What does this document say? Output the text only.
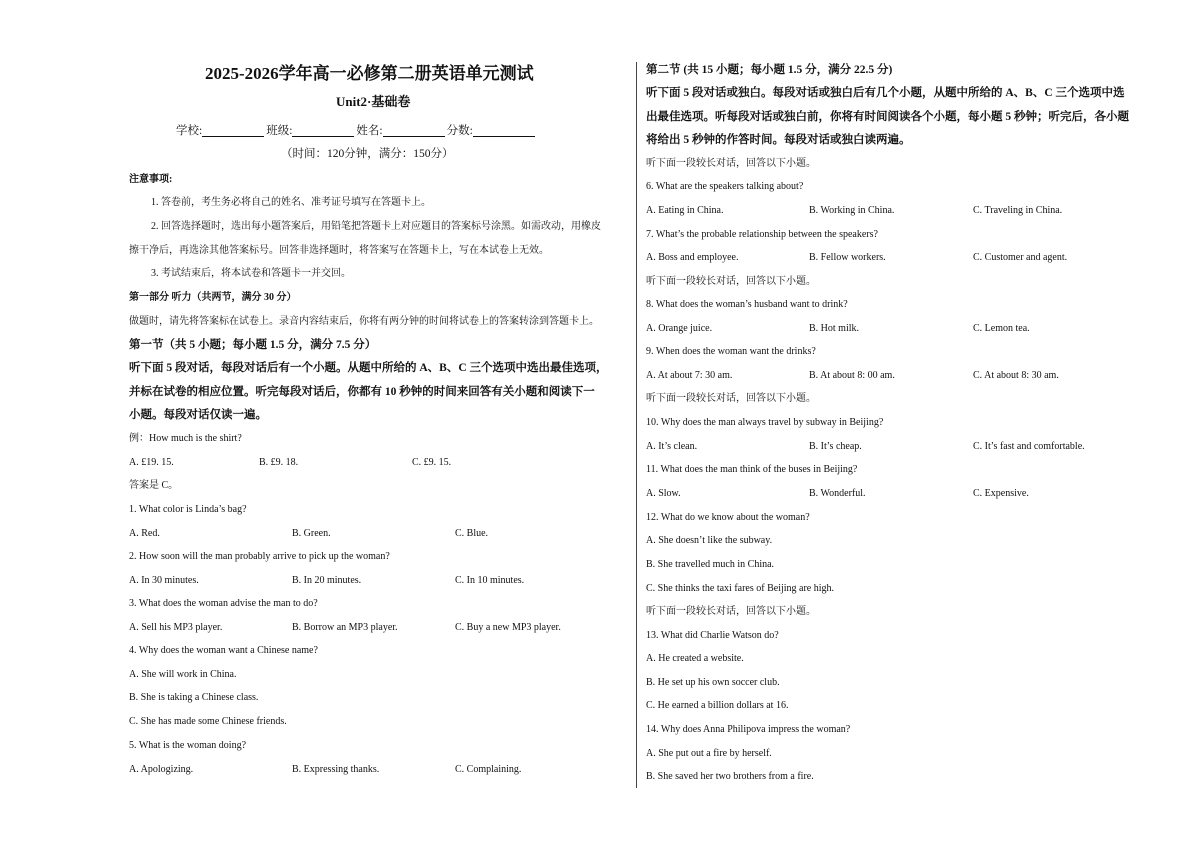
2025-2026学年高一必修第二册英语单元测试
Unit2·基础卷
学校:	班级:	姓名:	分数:
（时间：120分钟，满分：150分）
注意事项:
1. 答卷前，考生务必将自己的姓名、准考证号填写在答题卡上。
2. 回答选择题时，选出每小题答案后，用铅笔把答题卡上对应题目的答案标号涂黑。如需改动，用橡皮
擦干净后，再选涂其他答案标号。回答非选择题时，将答案写在答题卡上，写在本试卷上无效。
3. 考试结束后，将本试卷和答题卡一并交回。
第一部分 听力（共两节，满分 30 分）
做题时，请先将答案标在试卷上。录音内容结束后，你将有两分钟的时间将试卷上的答案转涂到答题卡上。
第一节（共 5 小题；每小题 1.5 分，满分 7.5 分）
听下面 5 段对话，每段对话后有一个小题。从题中所给的 A、B、C 三个选项中选出最佳选项，
并标在试卷的相应位置。听完每段对话后，你都有 10 秒钟的时间来回答有关小题和阅读下一
小题。每段对话仅读一遍。
例：How much is the shirt?
A. £19. 15.	B. £9. 18.	C. £9. 15.
答案是 C。
1. What color is Linda’s bag?
A. Red.	B. Green.	C. Blue.
2. How soon will the man probably arrive to pick up the woman?
A. In 30 minutes.	B. In 20 minutes.	C. In 10 minutes.
3. What does the woman advise the man to do?
A. Sell his MP3 player.	B. Borrow an MP3 player.	C. Buy a new MP3 player.
4. Why does the woman want a Chinese name?
A. She will work in China.
B. She is taking a Chinese class.
C. She has made some Chinese friends.
5. What is the woman doing?
A. Apologizing.	B. Expressing thanks.	C. Complaining.
第二节 (共 15 小题；每小题 1.5 分，满分 22.5 分)
听下面 5 段对话或独白。每段对话或独白后有几个小题，从题中所给的 A、B、C 三个选项中选
出最佳选项。听每段对话或独白前，你将有时间阅读各个小题，每小题 5 秒钟；听完后，各小题
将给出 5 秒钟的作答时间。每段对话或独白读两遍。
听下面一段较长对话，回答以下小题。
6. What are the speakers talking about?
A. Eating in China.	B. Working in China.	C. Traveling in China.
7. What’s the probable relationship between the speakers?
A. Boss and employee.	B. Fellow workers.	C. Customer and agent.
听下面一段较长对话，回答以下小题。
8. What does the woman’s husband want to drink?
A. Orange juice.	B. Hot milk.	C. Lemon tea.
9. When does the woman want the drinks?
A. At about 7: 30 am.	B. At about 8: 00 am.	C. At about 8: 30 am.
听下面一段较长对话，回答以下小题。
10. Why does the man always travel by subway in Beijing?
A. It’s clean.	B. It’s cheap.	C. It’s fast and comfortable.
11. What does the man think of the buses in Beijing?
A. Slow.	B. Wonderful.	C. Expensive.
12. What do we know about the woman?
A. She doesn’t like the subway.
B. She travelled much in China.
C. She thinks the taxi fares of Beijing are high.
听下面一段较长对话，回答以下小题。
13. What did Charlie Watson do?
A. He created a website.
B. He set up his own soccer club.
C. He earned a billion dollars at 16.
14. Why does Anna Philipova impress the woman?
A. She put out a fire by herself.
B. She saved her two brothers from a fire.
